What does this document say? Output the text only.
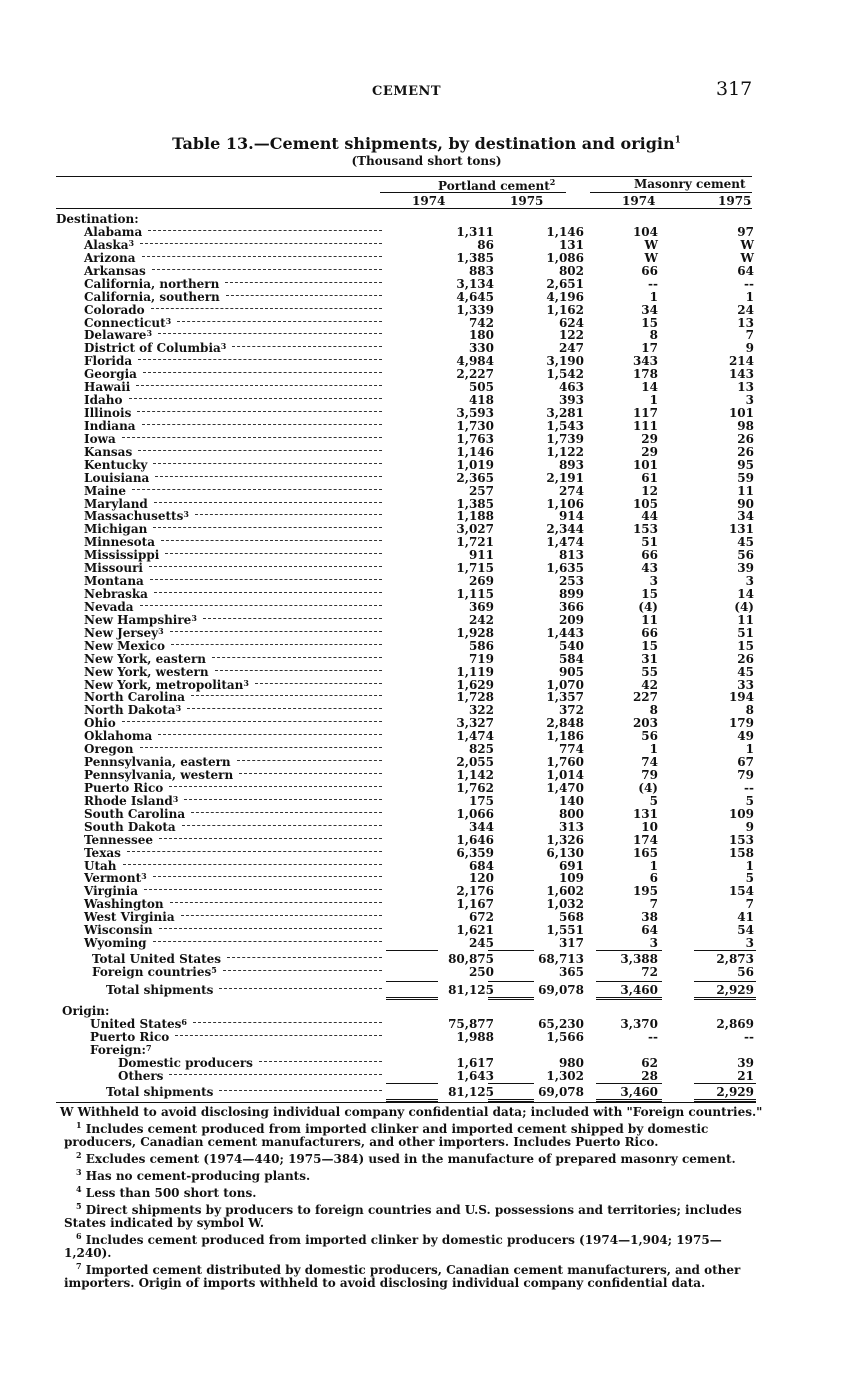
CEMENT	317
Table 13.—Cement shipments, by destination and origin$^1$
(Thousand short tons)
Portland cement$^2$	Masonry cement
1974	1975	1974	1975
Destination:
Alabama	1,311	1,146	104	97
Alaska$^3$	86	131	W	W
Arizona	1,385	1,086	W	W
Arkansas	883	802	66	64
California, northern	3,134	2,651	--	--
California, southern	4,645	4,196	1	1
Colorado	1,339	1,162	34	24
Connecticut$^3$	742	624	15	13
Delaware$^3$	180	122	8	7
District of Columbia$^3$	330	247	17	9
Florida	4,984	3,190	343	214
Georgia	2,227	1,542	178	143
Hawaii	505	463	14	13
Idaho	418	393	1	3
Illinois	3,593	3,281	117	101
Indiana	1,730	1,543	111	98
Iowa	1,763	1,739	29	26
Kansas	1,146	1,122	29	26
Kentucky	1,019	893	101	95
Louisiana	2,365	2,191	61	59
Maine	257	274	12	11
Maryland	1,385	1,106	105	90
Massachusetts$^3$	1,188	914	44	34
Michigan	3,027	2,344	153	131
Minnesota	1,721	1,474	51	45
Mississippi	911	813	66	56
Missouri	1,715	1,635	43	39
Montana	269	253	3	3
Nebraska	1,115	899	15	14
Nevada	369	366	(4)	(4)
New Hampshire$^3$	242	209	11	11
New Jersey$^3$	1,928	1,443	66	51
New Mexico	586	540	15	15
New York, eastern	719	584	31	26
New York, western	1,119	905	55	45
New York, metropolitan$^3$	1,629	1,070	42	33
North Carolina	1,728	1,357	227	194
North Dakota$^3$	322	372	8	8
Ohio	3,327	2,848	203	179
Oklahoma	1,474	1,186	56	49
Oregon	825	774	1	1
Pennsylvania, eastern	2,055	1,760	74	67
Pennsylvania, western	1,142	1,014	79	79
Puerto Rico	1,762	1,470	(4)	--
Rhode Island$^3$	175	140	5	5
South Carolina	1,066	800	131	109
South Dakota	344	313	10	9
Tennessee	1,646	1,326	174	153
Texas	6,359	6,130	165	158
Utah	684	691	1	1
Vermont$^3$	120	109	6	5
Virginia	2,176	1,602	195	154
Washington	1,167	1,032	7	7
West Virginia	672	568	38	41
Wisconsin	1,621	1,551	64	54
Wyoming	245	317	3	3
Total United States	80,875	68,713	3,388	2,873
Foreign countries$^5$	250	365	72	56
Total shipments	81,125	69,078	3,460	2,929
Origin:
United States$^6$	75,877	65,230	3,370	2,869
Puerto Rico	1,988	1,566	--	--
Foreign:$^7$
Domestic producers	1,617	980	62	39
Others	1,643	1,302	28	21
Total shipments	81,125	69,078	3,460	2,929

W Withheld to avoid disclosing individual company confidential data; included with "Foreign countries."

$^1$ Includes cement produced from imported clinker and imported cement shipped by domestic producers, Canadian cement manufacturers, and other importers. Includes Puerto Rico.

$^2$ Excludes cement (1974—440; 1975—384) used in the manufacture of prepared masonry cement.

$^3$ Has no cement-producing plants.

$^4$ Less than 500 short tons.

$^5$ Direct shipments by producers to foreign countries and U.S. possessions and territories; includes States indicated by symbol W.

$^6$ Includes cement produced from imported clinker by domestic producers (1974—1,904; 1975—1,240).

$^7$ Imported cement distributed by domestic producers, Canadian cement manufacturers, and other importers. Origin of imports withheld to avoid disclosing individual company confidential data.
